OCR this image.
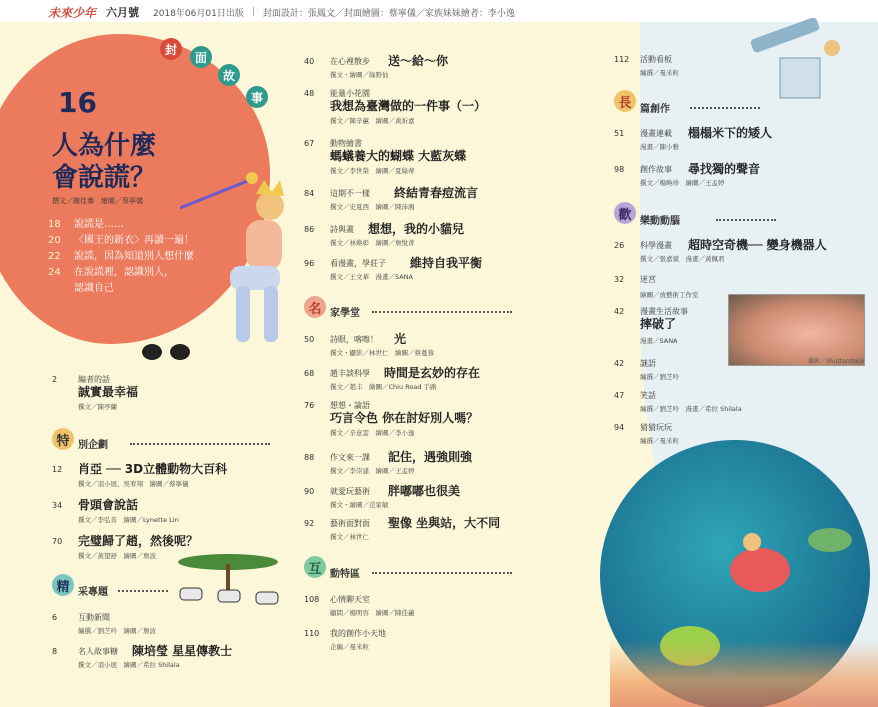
未來少年 六月號 2018年06月01日出版 | 封面設計：張鳳文／封面繪圖：蔡寧儀／家族妹妹繪者：李小逸
封
面
故
事
16
人為什麼
會說謊？
撰文／謝佳蓁　繪圖／蔡寧儀
18	說謊是……
20	〈國王的新衣〉再讀一遍！
22	說謊，因為知道別人想什麼
24	在說謊裡，認識別人，
認識自己
2	編者的話
誠實最幸福
撰文／陳亭蘭
特 別企劃
12	肖亞 ── 3D立體動物大百科
撰文／羽小展、吳宥翔　繪圖／蔡寧儀
34	骨頭會說話
撰文／李弘善　繪圖／Lynette Lin
70	完璧歸了趙，然後呢？
撰文／黃望舒　繪圖／詹波
精 采專題
6	互動新聞
編撰／劉芝吟　繪圖／詹波
8	名人故事糖 陳培瑩 星星傳教士
撰文／羽小展　繪圖／希拉 Shilala
40	在心裡散步 送～給～你
撰文・繪圖／綠野仙
48	能量小花園
我想為臺灣做的一件事（一）
撰文／陳辛蕙　繪圖／黃祈嘉
67	動物繪書
螞蟻養大的蝴蝶 大藍灰蝶
撰文／李世榮　繪圖／夏綠蒂
84	這期不一樣 終結青春痘流言
撰文／史夏西　繪圖／陳沛鴻
86	詩與畫 想想，我的小貓兒
撰文／林煥彰　繪圖／詹悅菁
96	看漫畫，學莊子 維持自我平衡
撰文／王文華　漫畫／SANA
名 家學堂
50	詩眼，喀嚓！ 光
撰文・攝影／林世仁　繪圖／蔡蔓蓉
68	趙丰談科學 時間是玄妙的存在
撰文／趙丰　繪圖／Chiu Road 手路
76	想想・論語
巧言令色 你在討好別人嗎？
撰文／辛意雲　繪圖／李小逸
88	作文來一課 記住，遇強則強
撰文／李崇建　繪圖／王孟婷
90	就愛玩藝術 胖嘟嘟也很美
撰文・繪圖／范家敏
92	藝術面對面 聖像 坐與站，大不同
撰文／林世仁
互 動特區
108	心情聊天室
顧問／楊明容　繪圖／陳佳蕙
110	我的創作小天地
企編／曼米粒
112	活動看板
編撰／曼米粒
長 篇創作
51	漫畫連載 榻榻米下的矮人
漫畫／陳小雅
98	創作故事 尋找獨的聲音
撰文／楊喚珍　繪圖／王孟婷
歡 樂動動腦
26	科學漫畫 超時空奇機── 變身機器人
撰文／張嘉斌　漫畫／黃佩君
32	迷宮
繪圖／放藝術工作室
42	漫畫生活故事
摔破了
漫畫／SANA
攝影／Shutterstock
42	謎語
編撰／劉芝吟
47	笑話
編撰／劉芝吟　漫畫／希拉 Shilala
94	猜猜玩玩
編撰／曼米粒
